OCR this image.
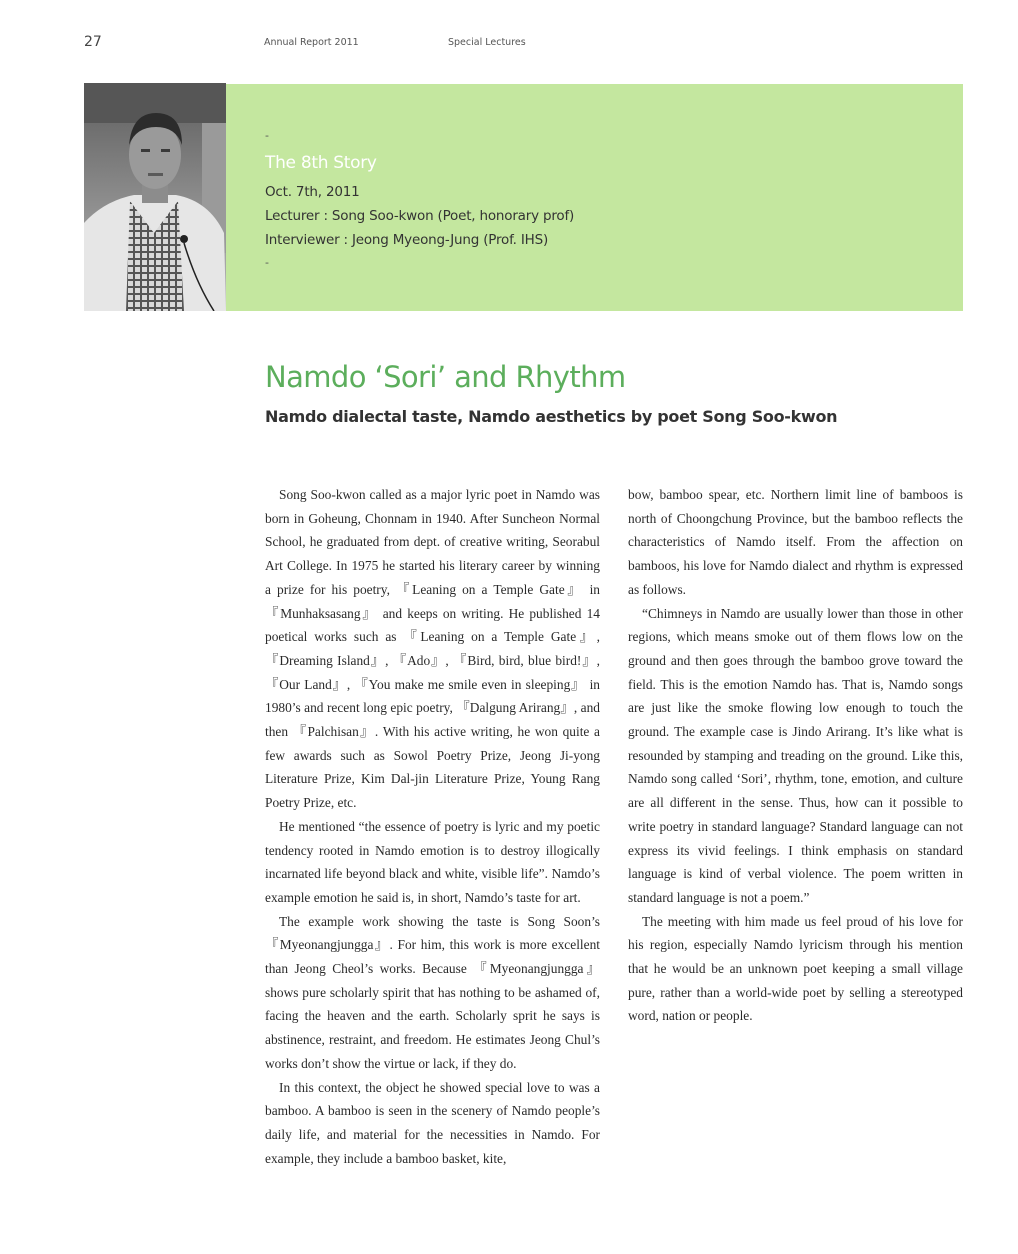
27	Annual Report 2011	Special Lectures
-
The 8th Story
Oct. 7th, 2011
Lecturer : Song Soo-kwon (Poet, honorary prof)
Interviewer : Jeong Myeong-Jung (Prof. IHS)
-
Namdo ‘Sori’ and Rhythm
Namdo dialectal taste, Namdo aesthetics by poet Song Soo-kwon

Song Soo-kwon called as a major lyric poet in Namdo was born in Goheung, Chonnam in 1940. After Suncheon Normal School, he graduated from dept. of creative writing, Seorabul Art College. In 1975 he started his literary career by winning a prize for his poetry, 『Leaning on a Temple Gate』 in 『Munhaksasang』 and keeps on writing. He published 14 poetical works such as 『Leaning on a Temple Gate』, 『Dreaming Island』, 『Ado』, 『Bird, bird, blue bird!』, 『Our Land』, 『You make me smile even in sleeping』 in 1980’s and recent long epic poetry, 『Dalgung Arirang』, and then 『Palchisan』. With his active writing, he won quite a few awards such as Sowol Poetry Prize, Jeong Ji-yong Literature Prize, Kim Dal-jin Literature Prize, Young Rang Poetry Prize, etc.

He mentioned “the essence of poetry is lyric and my poetic tendency rooted in Namdo emotion is to destroy illogically incarnated life beyond black and white, visible life”. Namdo’s example emotion he said is, in short, Namdo’s taste for art.

The example work showing the taste is Song Soon’s 『Myeonangjungga』. For him, this work is more excellent than Jeong Cheol’s works. Because 『Myeonangjungga』 shows pure scholarly spirit that has nothing to be ashamed of, facing the heaven and the earth. Scholarly sprit he says is abstinence, restraint, and freedom. He estimates Jeong Chul’s works don’t show the virtue or lack, if they do.

In this context, the object he showed special love to was a bamboo. A bamboo is seen in the scenery of Namdo people’s daily life, and material for the necessities in Namdo. For example, they include a bamboo basket, kite,

bow, bamboo spear, etc. Northern limit line of bamboos is north of Choongchung Province, but the bamboo reflects the characteristics of Namdo itself. From the affection on bamboos, his love for Namdo dialect and rhythm is expressed as follows.

“Chimneys in Namdo are usually lower than those in other regions, which means smoke out of them flows low on the ground and then goes through the bamboo grove toward the field. This is the emotion Namdo has. That is, Namdo songs are just like the smoke flowing low enough to touch the ground. The example case is Jindo Arirang. It’s like what is resounded by stamping and treading on the ground. Like this, Namdo song called ‘Sori’, rhythm, tone, emotion, and culture are all different in the sense. Thus, how can it possible to write poetry in standard language? Standard language can not express its vivid feelings. I think emphasis on standard language is kind of verbal violence. The poem written in standard language is not a poem.”

The meeting with him made us feel proud of his love for his region, especially Namdo lyricism through his mention that he would be an unknown poet keeping a small village pure, rather than a world-wide poet by selling a stereotyped word, nation or people.
